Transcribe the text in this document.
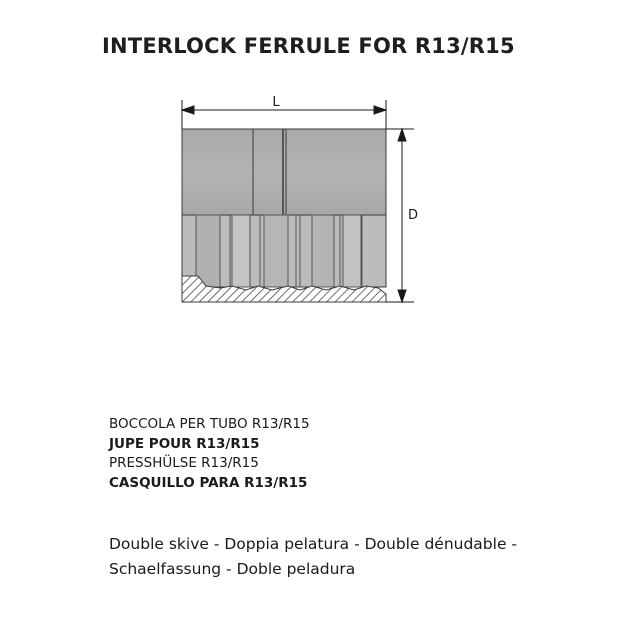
INTERLOCK FERRULE FOR R13/R15
L
D
BOCCOLA PER TUBO R13/R15
JUPE POUR R13/R15
PRESSHÜLSE R13/R15
CASQUILLO PARA R13/R15
Double skive - Doppia pelatura - Double dénudable -
Schaelfassung - Doble peladura
